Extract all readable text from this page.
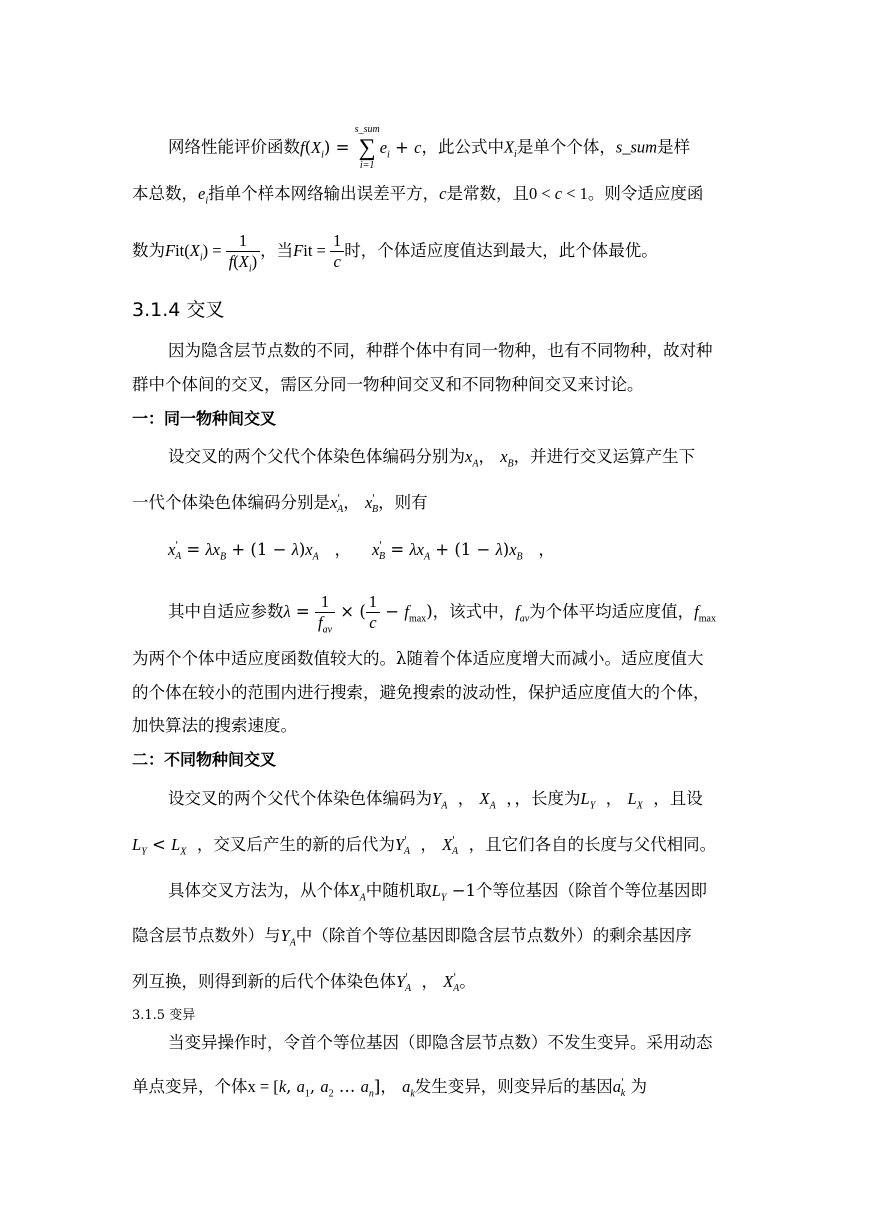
网络性能评价函数$f(X_i)$ =
s_sum
∑
i=1
$e_i + c$，此公式中$X_i$是单个个体，s_sum是样
本总数，$e_i$指单个样本网络输出误差平方，c是常数，且0 < c < 1。则令适应度函
数为$Fit(X_i) = \frac{1}{f(X_i)}$ ，当Fit = $\frac{1}{c}$ 时，个体适应度值达到最大，此个体最优。
3.1.4 交叉
因为隐含层节点数的不同，种群个体中有同一物种，也有不同物种，故对种
群中个体间的交叉，需区分同一物种间交叉和不同物种间交叉来讨论。
一：同一物种间交叉
设交叉的两个父代个体染色体编码分别为$x_A$， $x_B$，并进行交叉运算产生下
一代个体染色体编码分别是$x'_A$， $x'_B$，则有
$x'_A = \lambda x_B + (1 - \lambda)x_A$   ，    $x'_B = \lambda x_A + (1 - \lambda)x_B$   ，
其中自适应参数$\lambda = \frac{1}{f_{av}}$ × ( $\frac{1}{c} - f_{max}$)，该式中，$f_{av}$为个体平均适应度值，$f_{max}$
为两个个体中适应度函数值较大的。λ随着个体适应度增大而减小。适应度值大
的个体在较小的范围内进行搜索，避免搜索的波动性，保护适应度值大的个体，
加快算法的搜索速度。
二：不同物种间交叉
设交叉的两个父代个体染色体编码为$Y_A$  ， $X_A$  ，，长度为$L_Y$  ， $L_X$ ，且设
$L_Y < L_X$ ，交叉后产生的新的后代为$Y'_A$  ， $X'_A$ ，且它们各自的长度与父代相同。
具体交叉方法为，从个体$X_A$中随机取$L_Y -1$个等位基因（除首个等位基因即
隐含层节点数外）与$Y_A$中（除首个等位基因即隐含层节点数外）的剩余基因序
列互换，则得到新的后代个体染色体$Y'_A$  ， $X'_A$。
3.1.5 变异
当变异操作时，令首个等位基因（即隐含层节点数）不发生变异。采用动态
单点变异，个体x = [k, $a_1$, $a_2$ … $a_n$]， $a_k$发生变异，则变异后的基因$a'_k$ 为
